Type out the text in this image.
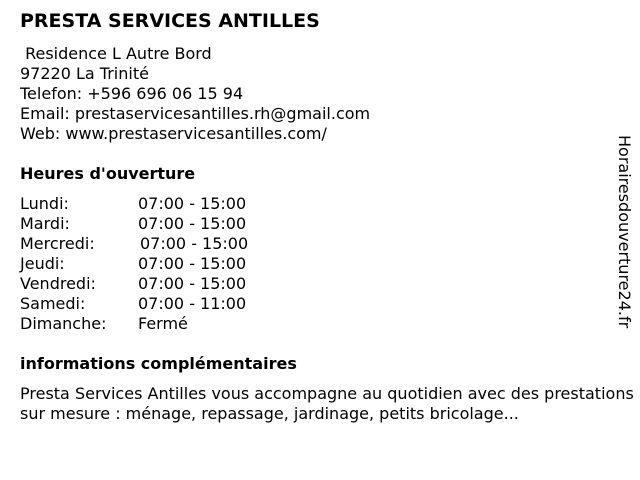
PRESTA SERVICES ANTILLES
Residence L Autre Bord
97220 La Trinité
Telefon: +596 696 06 15 94
Email: prestaservicesantilles.rh@gmail.com
Web: www.prestaservicesantilles.com/
Heures d'ouverture
Lundi:	07:00 - 15:00
Mardi:	07:00 - 15:00
Mercredi:	07:00 - 15:00
Jeudi:	07:00 - 15:00
Vendredi:	07:00 - 15:00
Samedi:	07:00 - 11:00
Dimanche:	Fermé
informations complémentaires
Presta Services Antilles vous accompagne au quotidien avec des prestations sur mesure : ménage, repassage, jardinage, petits bricolage...
Horairesdouverture24.fr
